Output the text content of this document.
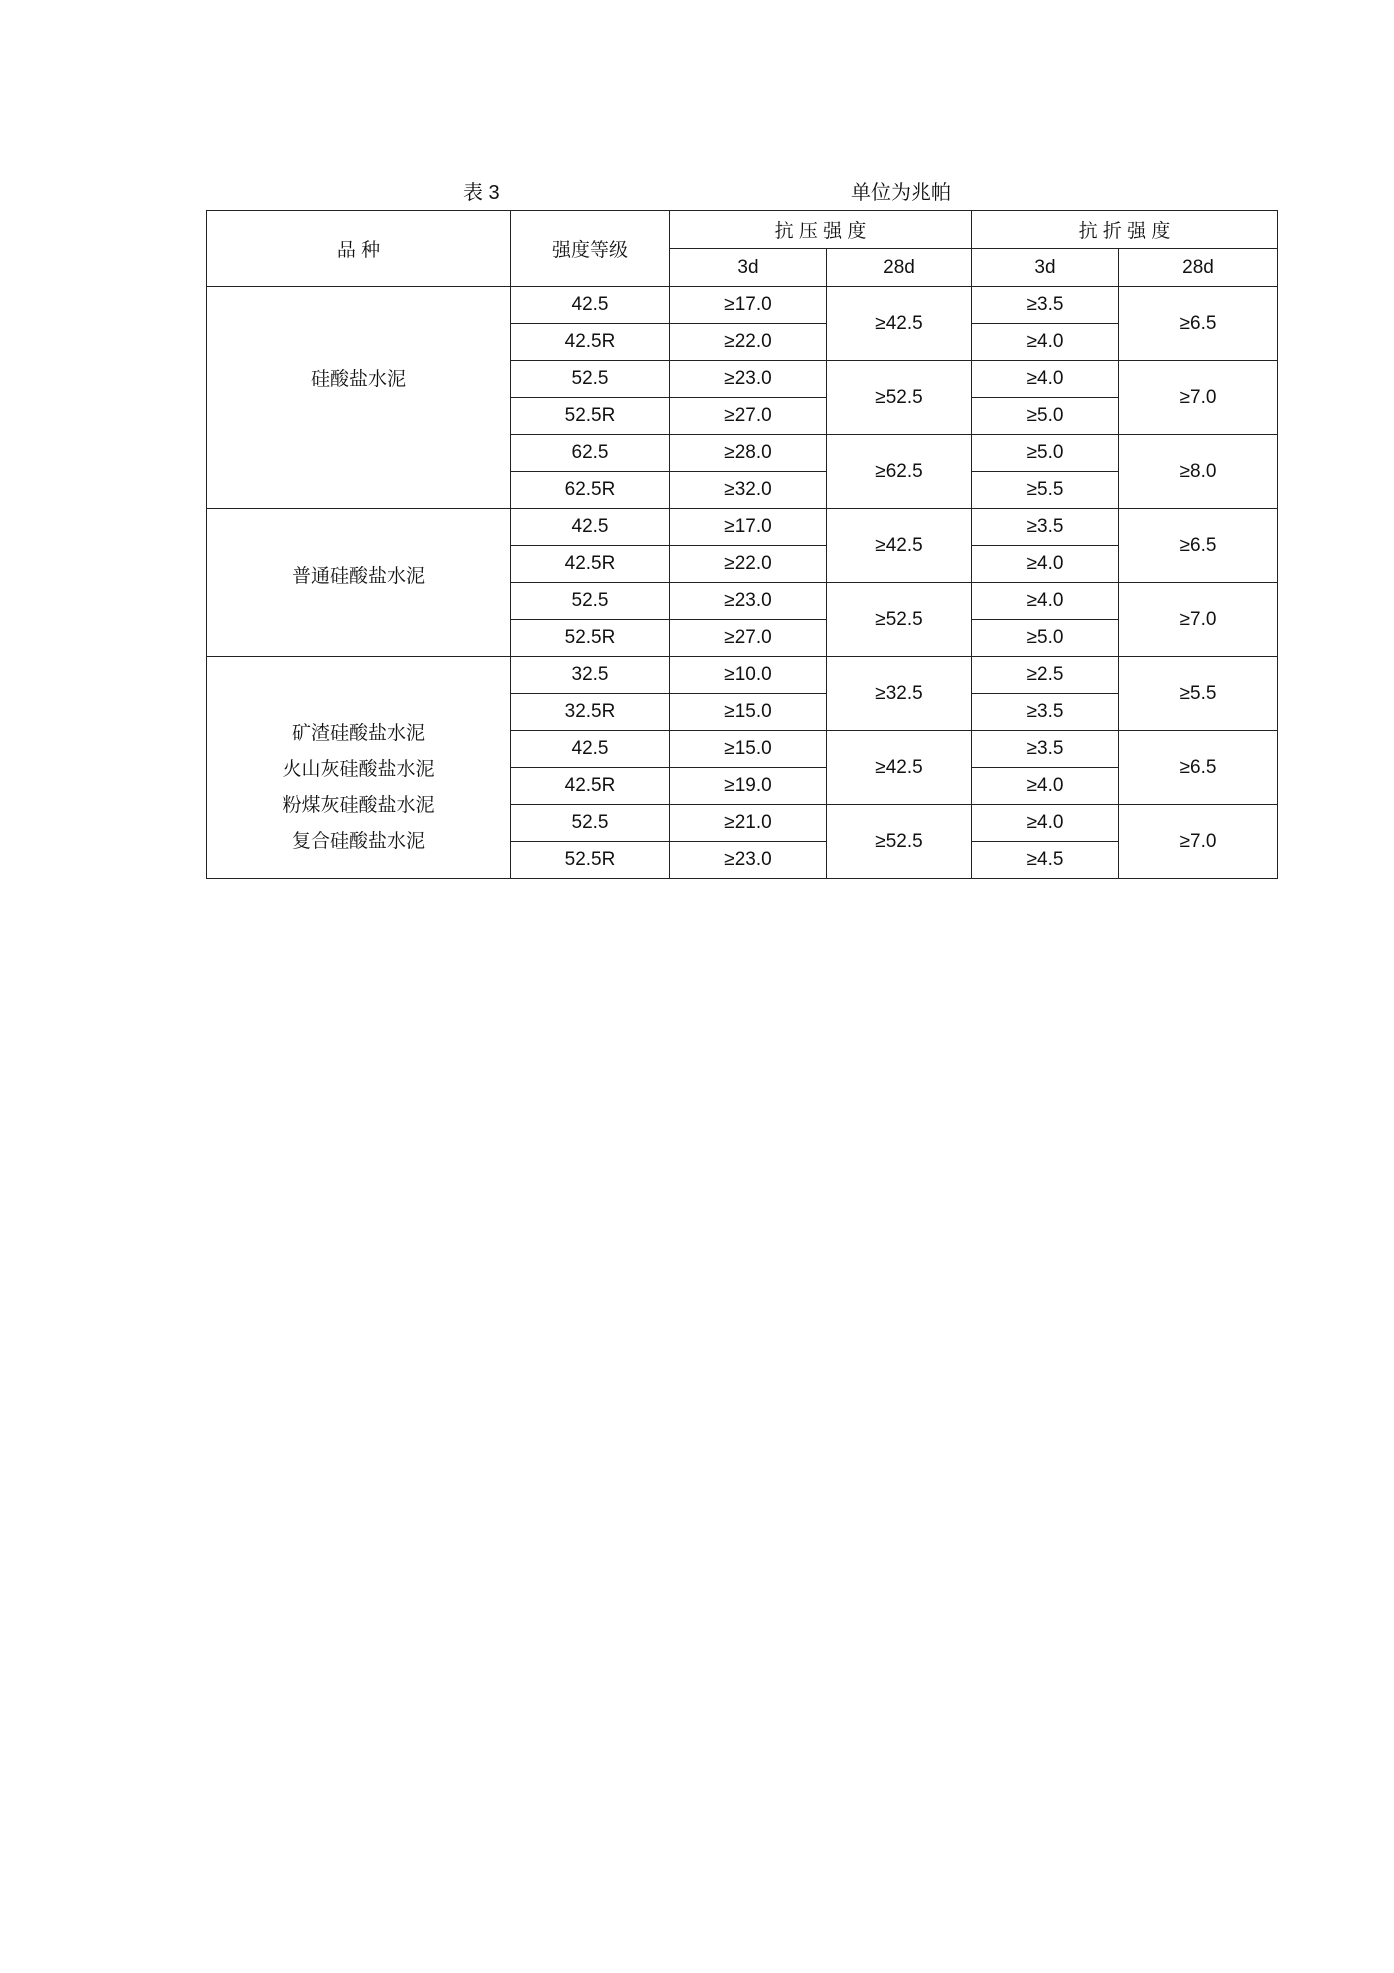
表 3	单位为兆帕
品 种	强度等级	抗 压 强 度		抗 折 强 度	
		3d	28d	3d	28d

硅酸盐水泥	42.5	≥17.0	≥42.5	≥3.5	≥6.5
	42.5R	≥22.0		≥4.0	
	52.5	≥23.0	≥52.5	≥4.0	≥7.0
	52.5R	≥27.0		≥5.0	
	62.5	≥28.0	≥62.5	≥5.0	≥8.0
	62.5R	≥32.0		≥5.5	

普通硅酸盐水泥	42.5	≥17.0	≥42.5	≥3.5	≥6.5
	42.5R	≥22.0		≥4.0	
	52.5	≥23.0	≥52.5	≥4.0	≥7.0
	52.5R	≥27.0		≥5.0	

矿渣硅酸盐水泥
火山灰硅酸盐水泥
粉煤灰硅酸盐水泥
复合硅酸盐水泥	32.5	≥10.0	≥32.5	≥2.5	≥5.5
	32.5R	≥15.0		≥3.5	
	42.5	≥15.0	≥42.5	≥3.5	≥6.5
	42.5R	≥19.0		≥4.0	
	52.5	≥21.0	≥52.5	≥4.0	≥7.0
	52.5R	≥23.0		≥4.5	
